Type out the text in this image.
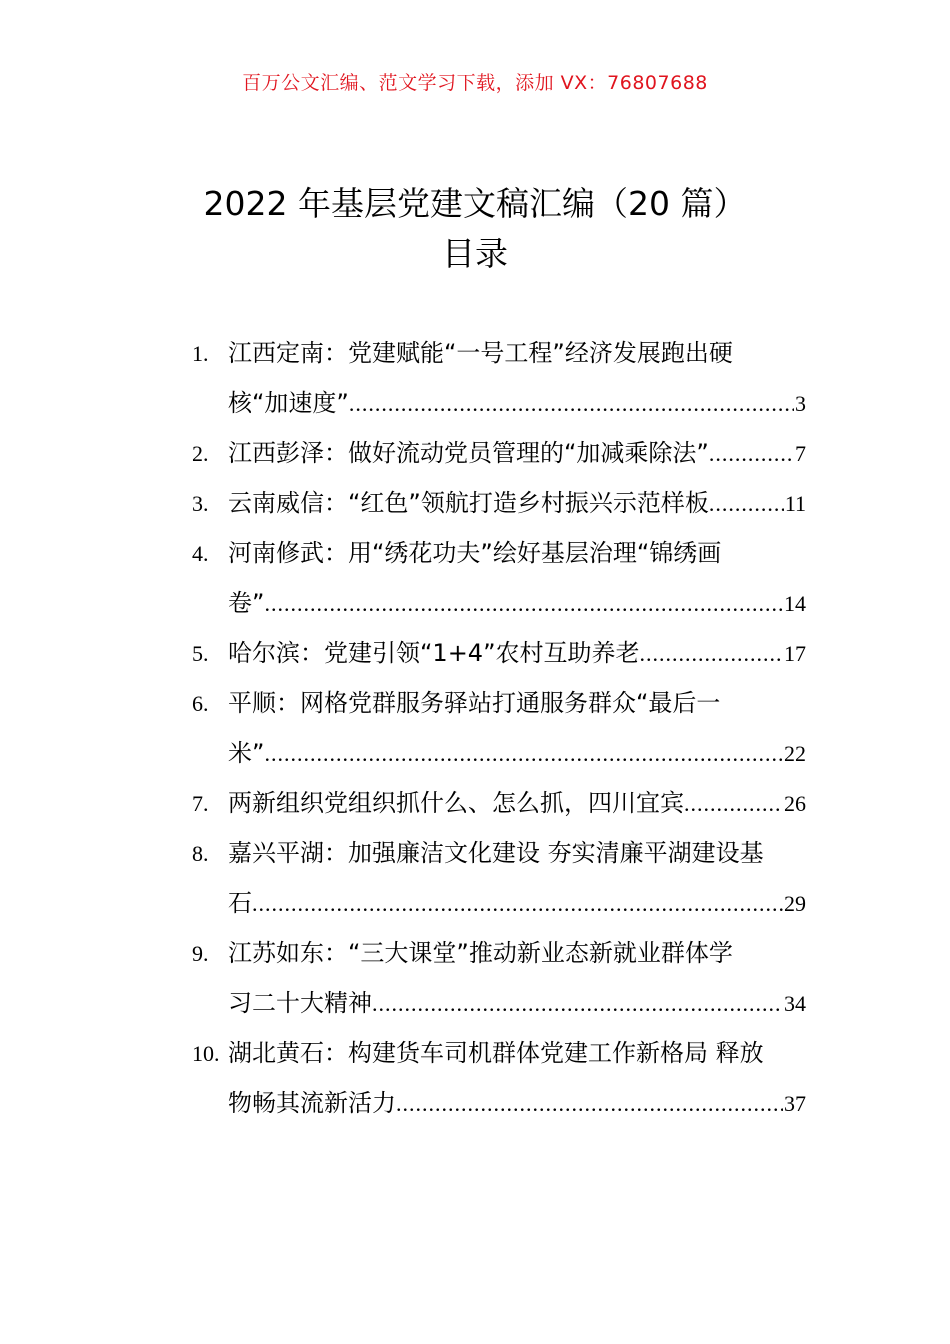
百万公文汇编、范文学习下载，添加 VX：76807688
2022 年基层党建文稿汇编（20 篇）
目录
1. 江西定南：党建赋能“一号工程”经济发展跑出硬
核“加速度” .....	3
2. 江西彭泽：做好流动党员管理的“加减乘除法” .....	7
3. 云南威信：“红色”领航打造乡村振兴示范样板 .....	11
4. 河南修武：用“绣花功夫”绘好基层治理“锦绣画
卷” .....	14
5. 哈尔滨：党建引领“1+4”农村互助养老 .....	17
6. 平顺：网格党群服务驿站打通服务群众“最后一
米” .....	22
7. 两新组织党组织抓什么、怎么抓，四川宜宾 .....	26
8. 嘉兴平湖：加强廉洁文化建设 夯实清廉平湖建设基
石 .....	29
9. 江苏如东：“三大课堂”推动新业态新就业群体学
习二十大精神 .....	34
10. 湖北黄石：构建货车司机群体党建工作新格局 释放
物畅其流新活力 .....	37
